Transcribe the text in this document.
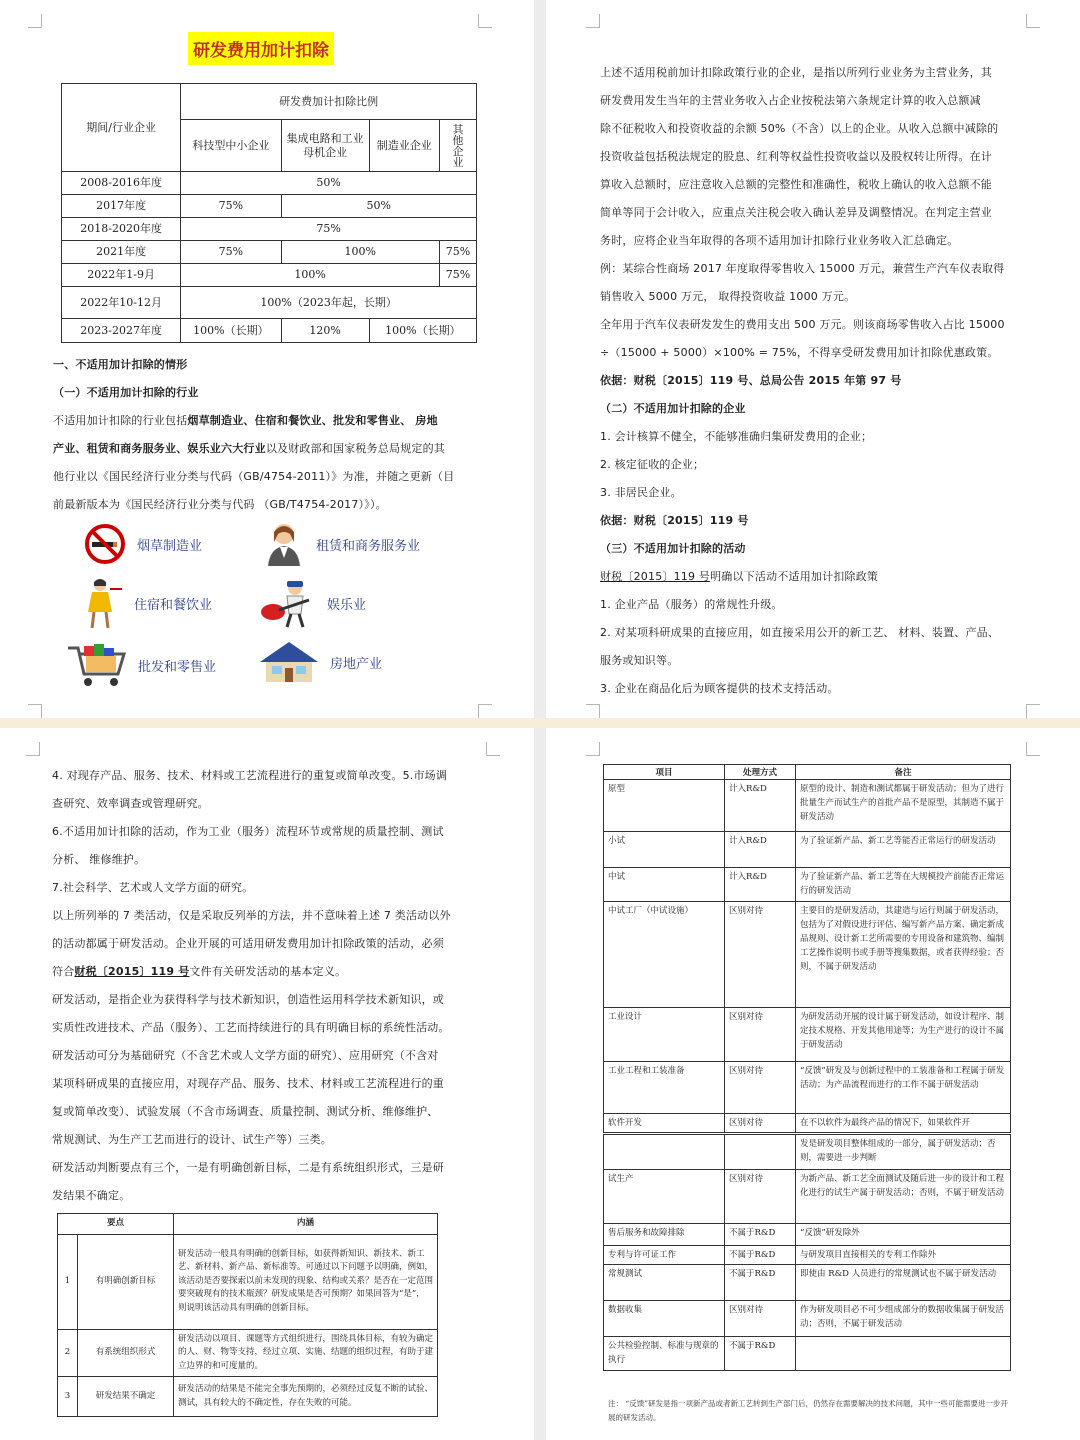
研发费用加计扣除
期间/行业企业	研发费加计扣除比例			
	科技型中小企业	集成电路和工业母机企业	制造业企业	其他企业
2008-2016年度	50%			
2017年度	75%	50%		
2018-2020年度	75%			
2021年度	75%	100%		75%
2022年1-9月	100%			75%
2022年10-12月	100%（2023年起，长期）			
2023-2027年度	100%（长期）	120%	100%（长期）	
一、不适用加计扣除的情形
（一）不适用加计扣除的行业
不适用加计扣除的行业包括烟草制造业、住宿和餐饮业、批发和零售业、 房地
产业、租赁和商务服务业、娱乐业六大行业以及财政部和国家税务总局规定的其
他行业以《国民经济行业分类与代码（GB/4754-2011）》为准，并随之更新（目
前最新版本为《国民经济行业分类与代码 （GB/T4754-2017）》）。
烟草制造业	租赁和商务服务业
住宿和餐饮业	娱乐业
批发和零售业	房地产业
上述不适用税前加计扣除政策行业的企业，是指以所列行业业务为主营业务，其
研发费用发生当年的主营业务收入占企业按税法第六条规定计算的收入总额减
除不征税收入和投资收益的余额 50%（不含）以上的企业。从收入总额中减除的
投资收益包括税法规定的股息、红利等权益性投资收益以及股权转让所得。在计
算收入总额时，应注意收入总额的完整性和准确性，税收上确认的收入总额不能
简单等同于会计收入，应重点关注税会收入确认差异及调整情况。在判定主营业
务时，应将企业当年取得的各项不适用加计扣除行业业务收入汇总确定。
例：某综合性商场 2017 年度取得零售收入 15000 万元，兼营生产汽车仪表取得
销售收入 5000 万元， 取得投资收益 1000 万元。
全年用于汽车仪表研发发生的费用支出 500 万元。则该商场零售收入占比 15000
÷（15000 + 5000）×100% = 75%，不得享受研发费用加计扣除优惠政策。
依据：财税〔2015〕119 号、总局公告 2015 年第 97 号
（二）不适用加计扣除的企业
1. 会计核算不健全，不能够准确归集研发费用的企业；
2. 核定征收的企业；
3. 非居民企业。
依据：财税〔2015〕119 号
（三）不适用加计扣除的活动
财税〔2015〕119 号明确以下活动不适用加计扣除政策
1. 企业产品（服务）的常规性升级。
2. 对某项科研成果的直接应用，如直接采用公开的新工艺、 材料、装置、产品、
服务或知识等。
3. 企业在商品化后为顾客提供的技术支持活动。
4. 对现存产品、服务、技术、材料或工艺流程进行的重复或简单改变。5.市场调
查研究、效率调查或管理研究。
6.不适用加计扣除的活动，作为工业（服务）流程环节或常规的质量控制、测试
分析、 维修维护。
7.社会科学、艺术或人文学方面的研究。
以上所列举的 7 类活动，仅是采取反列举的方法，并不意味着上述 7 类活动以外
的活动都属于研发活动。企业开展的可适用研发费用加计扣除政策的活动，必须
符合财税〔2015〕119 号文件有关研发活动的基本定义。
研发活动，是指企业为获得科学与技术新知识，创造性运用科学技术新知识，或
实质性改进技术、产品（服务）、工艺而持续进行的具有明确目标的系统性活动。
研发活动可分为基础研究（不含艺术或人文学方面的研究）、应用研究（不含对
某项科研成果的直接应用，对现存产品、服务、技术、材料或工艺流程进行的重
复或简单改变）、试验发展（不含市场调查、质量控制、测试分析、维修维护、
常规测试、为生产工艺而进行的设计、试生产等）三类。
研发活动判断要点有三个，一是有明确创新目标，二是有系统组织形式，三是研
发结果不确定。
要点		内涵
1	有明确创新目标	研发活动一般具有明确的创新目标，如获得新知识、新技术、新工艺、新材料、新产品、新标准等。可通过以下问题予以明确，例如，该活动是否要探索以前未发现的现象、结构或关系？是否在一定范围要突破现有的技术瓶颈？研发成果是否可预期？如果回答为“是”，则说明该活动具有明确的创新目标。
2	有系统组织形式	研发活动以项目、课题等方式组织进行，围绕具体目标，有较为确定的人、财、物等支持，经过立项、实施、结题的组织过程，有助于建立边界的和可度量的。
3	研发结果不确定	研发活动的结果是不能完全事先预期的，必须经过反复不断的试验、测试，具有较大的不确定性，存在失败的可能。
项目	处理方式	备注
原型	计入R&D	原型的设计、制造和测试都属于研发活动；但为了进行批量生产而试生产的首批产品不是原型，其制造不属于研发活动
小试	计入R&D	为了验证新产品、新工艺等能否正常运行的研发活动
中试	计入R&D	为了验证新产品、新工艺等在大规模投产前能否正常运行的研发活动
中试工厂（中试设施）	区别对待	主要目的是研发活动，其建造与运行则属于研发活动，包括为了对假设进行评估、编写新产品方案、确定新成品规则、设计新工艺所需要的专用设备和建筑物、编制工艺操作说明书或手册等搜集数据，或者获得经验；否则，不属于研发活动
工业设计	区别对待	为研发活动开展的设计属于研发活动，如设计程序、制定技术规格、开发其他用途等；为生产进行的设计不属于研发活动
工业工程和工装准备	区别对待	“反馈”研发及与创新过程中的工装准备和工程属于研发活动；为产品流程而进行的工作不属于研发活动
软件开发	区别对待	在不以软件为最终产品的情况下，如果软件开
		发是研发项目整体组成的一部分，属于研发活动；否则，需要进一步判断
试生产	区别对待	为新产品、新工艺全面测试及随后进一步的设计和工程化进行的试生产属于研发活动；否则，不属于研发活动
售后服务和故障排除	不属于R&D	“反馈”研发除外
专利与许可证工作	不属于R&D	与研发项目直接相关的专利工作除外
常规测试	不属于R&D	即使由 R&D 人员进行的常规测试也不属于研发活动
数据收集	区别对待	作为研发项目必不可少组成部分的数据收集属于研发活动；否则，不属于研发活动
公共检验控制、标准与规章的执行	不属于R&D	
注： “反馈”研发是指一项新产品或者新工艺转到生产部门后，仍然存在需要解决的技术问题，其中一些可能需要进一步开展的研发活动。
